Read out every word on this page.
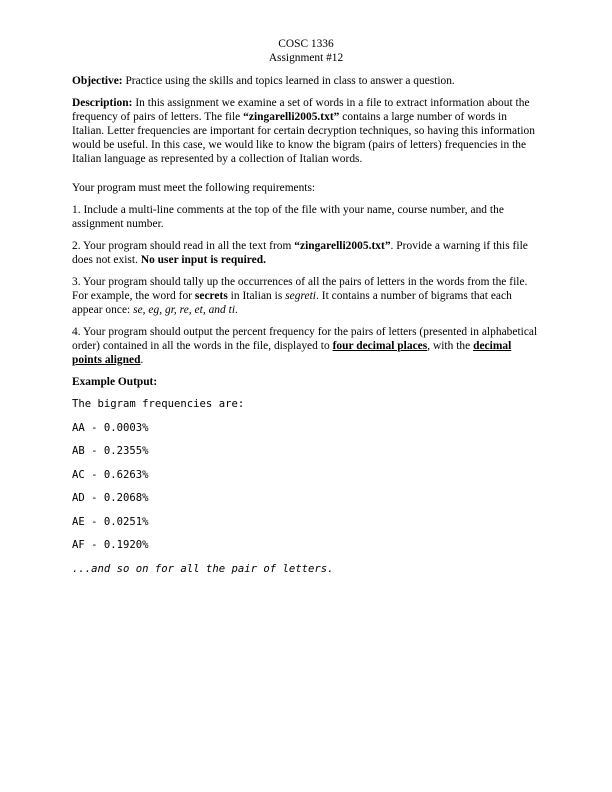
COSC 1336
Assignment #12

Objective: Practice using the skills and topics learned in class to answer a question.

Description: In this assignment we examine a set of words in a file to extract information about the frequency of pairs of letters. The file “zingarelli2005.txt” contains a large number of words in Italian. Letter frequencies are important for certain decryption techniques, so having this information would be useful. In this case, we would like to know the bigram (pairs of letters) frequencies in the Italian language as represented by a collection of Italian words.

Your program must meet the following requirements:

1. Include a multi-line comments at the top of the file with your name, course number, and the assignment number.

2. Your program should read in all the text from “zingarelli2005.txt”. Provide a warning if this file does not exist. No user input is required.

3. Your program should tally up the occurrences of all the pairs of letters in the words from the file. For example, the word for secrets in Italian is segreti. It contains a number of bigrams that each appear once: se, eg, gr, re, et, and ti.

4. Your program should output the percent frequency for the pairs of letters (presented in alphabetical order) contained in all the words in the file, displayed to four decimal places, with the decimal points aligned.

Example Output:

The bigram frequencies are:
AA - 0.0003%
AB - 0.2355%
AC - 0.6263%
AD - 0.2068%
AE - 0.0251%
AF - 0.1920%
...and so on for all the pair of letters.
